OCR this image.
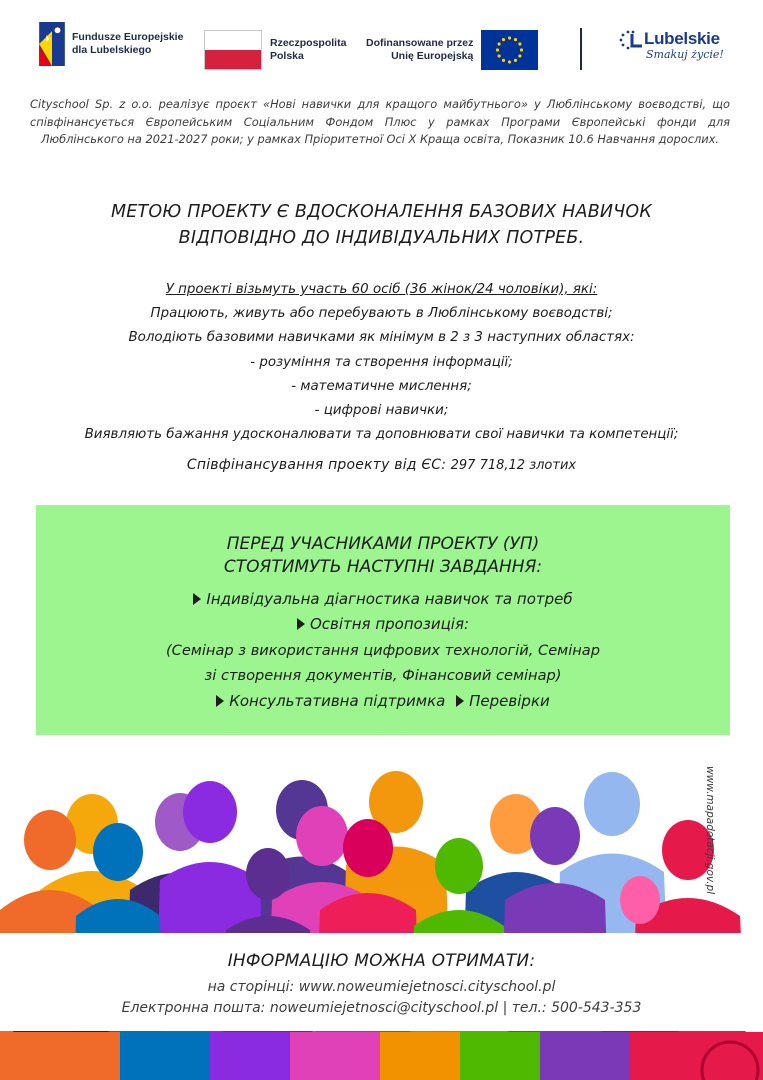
Fundusze Europejskie
dla Lubelskiego
Rzeczpospolita
Polska
Dofinansowane przez
Unię Europejską
Lubelskie
Smakuj życie!
Cityschool Sp. z o.o. реалізує проєкт «Нові навички для кращого майбутнього» у Люблінському воєводстві, що співфінансується Європейським Соціальним Фондом Плюс у рамках Програми Європейські фонди для Люблінського на 2021-2027 роки; у рамках Пріоритетної Осі X Краща освіта, Показник 10.6 Навчання дорослих.
МЕТОЮ ПРОЕКТУ Є ВДОСКОНАЛЕННЯ БАЗОВИХ НАВИЧОК
ВІДПОВІДНО ДО ІНДИВІДУАЛЬНИХ ПОТРЕБ.
У проекті візьмуть участь 60 осіб (36 жінок/24 чоловіки), які:
Працюють, живуть або перебувають в Люблінському воєводстві;
Володіють базовими навичками як мінімум в 2 з 3 наступних областях:
- розуміння та створення інформації;
- математичне мислення;
- цифрові навички;
Виявляють бажання удосконалювати та доповнювати свої навички та компетенції;
Співфінансування проекту від ЄС: 297 718,12 злотих
ПЕРЕД УЧАСНИКАМИ ПРОЕКТУ (УП)
СТОЯТИМУТЬ НАСТУПНІ ЗАВДАННЯ:
Індивідуальна діагностика навичок та потреб
Освітня пропозиція:
(Семінар з використання цифрових технологій, Семінар
зі створення документів, Фінансовий семінар)
Консультативна підтримка Перевірки
www.mapadotacji.gov.pl
ІНФОРМАЦІЮ МОЖНА ОТРИМАТИ:
на сторінці: www.noweumiejetnosci.cityschool.pl
Електронна пошта: noweumiejetnosci@cityschool.pl | тел.: 500-543-353
